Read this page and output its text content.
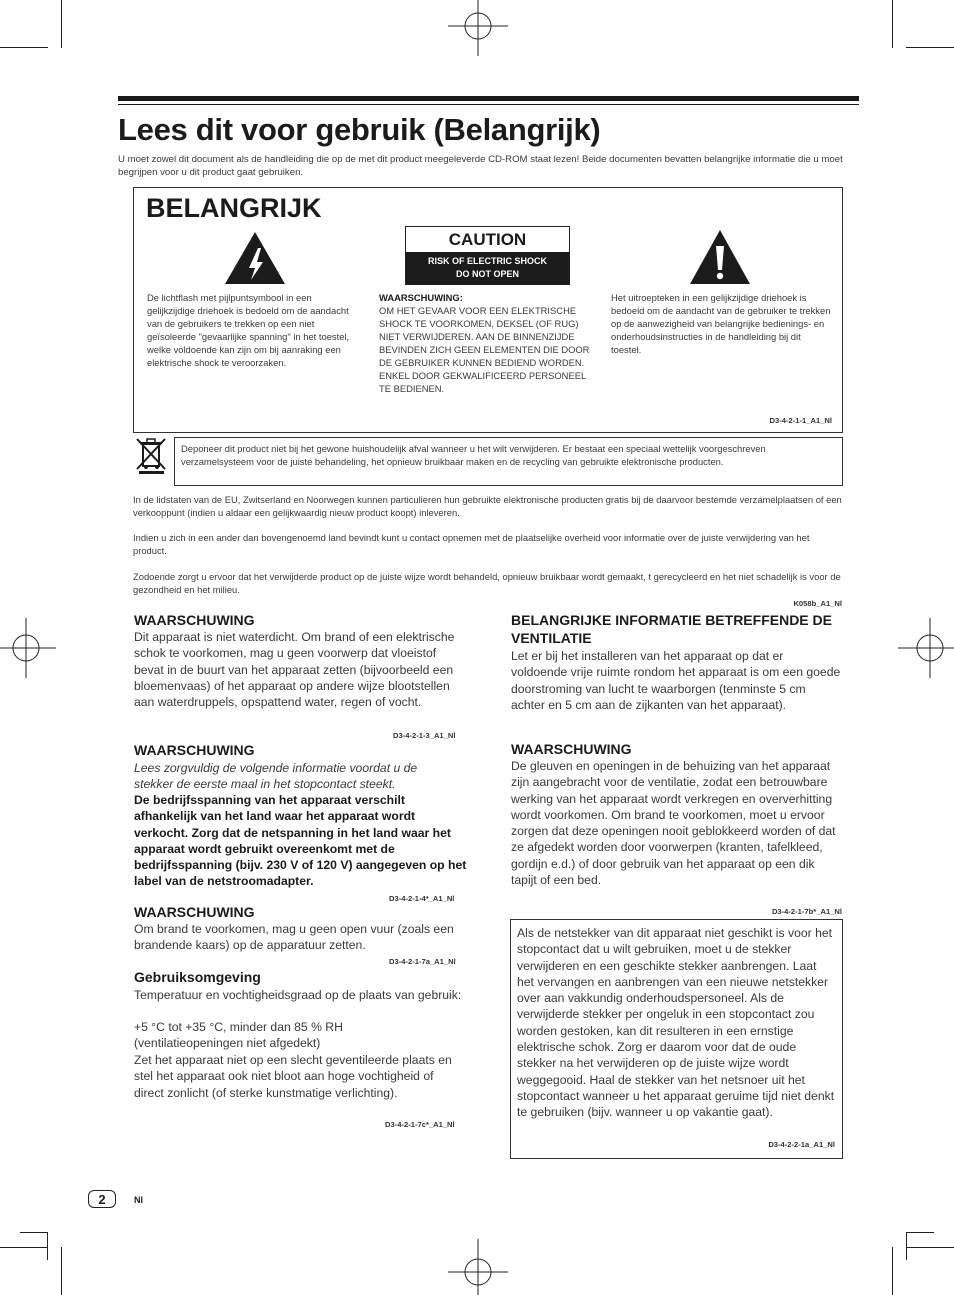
Lees dit voor gebruik (Belangrijk)
U moet zowel dit document als de handleiding die op de met dit product meegeleverde CD-ROM staat lezen! Beide documenten bevatten belangrijke informatie die u moet begrijpen voor u dit product gaat gebruiken.
BELANGRIJK
CAUTION
RISK OF ELECTRIC SHOCK
DO NOT OPEN
De lichtflash met pijlpuntsymbool in een gelijkzijdige driehoek is bedoeld om de aandacht van de gebruikers te trekken op een niet geïsoleerde "gevaarlijke spanning" in het toestel, welke voldoende kan zijn om bij aanraking een elektrische shock te veroorzaken.
WAARSCHUWING:
OM HET GEVAAR VOOR EEN ELEKTRISCHE SHOCK TE VOORKOMEN, DEKSEL (OF RUG) NIET VERWIJDEREN. AAN DE BINNENZIJDE BEVINDEN ZICH GEEN ELEMENTEN DIE DOOR DE GEBRUIKER KUNNEN BEDIEND WORDEN. ENKEL DOOR GEKWALIFICEERD PERSONEEL TE BEDIENEN.
Het uitroepteken in een gelijkzijdige driehoek is bedoeld om de aandacht van de gebruiker te trekken op de aanwezigheid van belangrijke bedienings- en onderhoudsinstructies in de handleiding bij dit toestel.
D3-4-2-1-1_A1_Nl
Deponeer dit product niet bij het gewone huishoudelijk afval wanneer u het wilt verwijderen. Er bestaat een speciaal wettelijk voorgeschreven verzamelsysteem voor de juiste behandeling, het opnieuw bruikbaar maken en de recycling van gebruikte elektronische producten.
In de lidstaten van de EU, Zwitserland en Noorwegen kunnen particulieren hun gebruikte elektronische producten gratis bij de daarvoor bestemde verzamelplaatsen of een verkooppunt (indien u aldaar een gelijkwaardig nieuw product koopt) inleveren.
Indien u zich in een ander dan bovengenoemd land bevindt kunt u contact opnemen met de plaatselijke overheid voor informatie over de juiste verwijdering van het product.
Zodoende zorgt u ervoor dat het verwijderde product op de juiste wijze wordt behandeld, opnieuw bruikbaar wordt gemaakt, t gerecycleerd en het niet schadelijk is voor de gezondheid en het milieu.
K058b_A1_Nl
WAARSCHUWING
Dit apparaat is niet waterdicht. Om brand of een elektrische schok te voorkomen, mag u geen voorwerp dat vloeistof bevat in de buurt van het apparaat zetten (bijvoorbeeld een bloemenvaas) of het apparaat op andere wijze blootstellen aan waterdruppels, opspattend water, regen of vocht.
D3-4-2-1-3_A1_Nl
WAARSCHUWING
Lees zorgvuldig de volgende informatie voordat u de stekker de eerste maal in het stopcontact steekt.
De bedrijfsspanning van het apparaat verschilt afhankelijk van het land waar het apparaat wordt verkocht. Zorg dat de netspanning in het land waar het apparaat wordt gebruikt overeenkomt met de bedrijfsspanning (bijv. 230 V of 120 V) aangegeven op het label van de netstroomadapter.
D3-4-2-1-4*_A1_Nl
WAARSCHUWING
Om brand te voorkomen, mag u geen open vuur (zoals een brandende kaars) op de apparatuur zetten.
D3-4-2-1-7a_A1_Nl
Gebruiksomgeving
Temperatuur en vochtigheidsgraad op de plaats van gebruik:
+5 °C tot +35 °C, minder dan 85 % RH (ventilatieopeningen niet afgedekt)
Zet het apparaat niet op een slecht geventileerde plaats en stel het apparaat ook niet bloot aan hoge vochtigheid of direct zonlicht (of sterke kunstmatige verlichting).
D3-4-2-1-7c*_A1_Nl
BELANGRIJKE INFORMATIE BETREFFENDE DE VENTILATIE
Let er bij het installeren van het apparaat op dat er voldoende vrije ruimte rondom het apparaat is om een goede doorstroming van lucht te waarborgen (tenminste 5 cm achter en 5 cm aan de zijkanten van het apparaat).
WAARSCHUWING
De gleuven en openingen in de behuizing van het apparaat zijn aangebracht voor de ventilatie, zodat een betrouwbare werking van het apparaat wordt verkregen en oververhitting wordt voorkomen. Om brand te voorkomen, moet u ervoor zorgen dat deze openingen nooit geblokkeerd worden of dat ze afgedekt worden door voorwerpen (kranten, tafelkleed, gordijn e.d.) of door gebruik van het apparaat op een dik tapijt of een bed.
D3-4-2-1-7b*_A1_Nl
Als de netstekker van dit apparaat niet geschikt is voor het stopcontact dat u wilt gebruiken, moet u de stekker verwijderen en een geschikte stekker aanbrengen. Laat het vervangen en aanbrengen van een nieuwe netstekker over aan vakkundig onderhoudspersoneel. Als de verwijderde stekker per ongeluk in een stopcontact zou worden gestoken, kan dit resulteren in een ernstige elektrische schok. Zorg er daarom voor dat de oude stekker na het verwijderen op de juiste wijze wordt weggegooid. Haal de stekker van het netsnoer uit het stopcontact wanneer u het apparaat geruime tijd niet denkt te gebruiken (bijv. wanneer u op vakantie gaat).
D3-4-2-2-1a_A1_Nl
2	Nl
